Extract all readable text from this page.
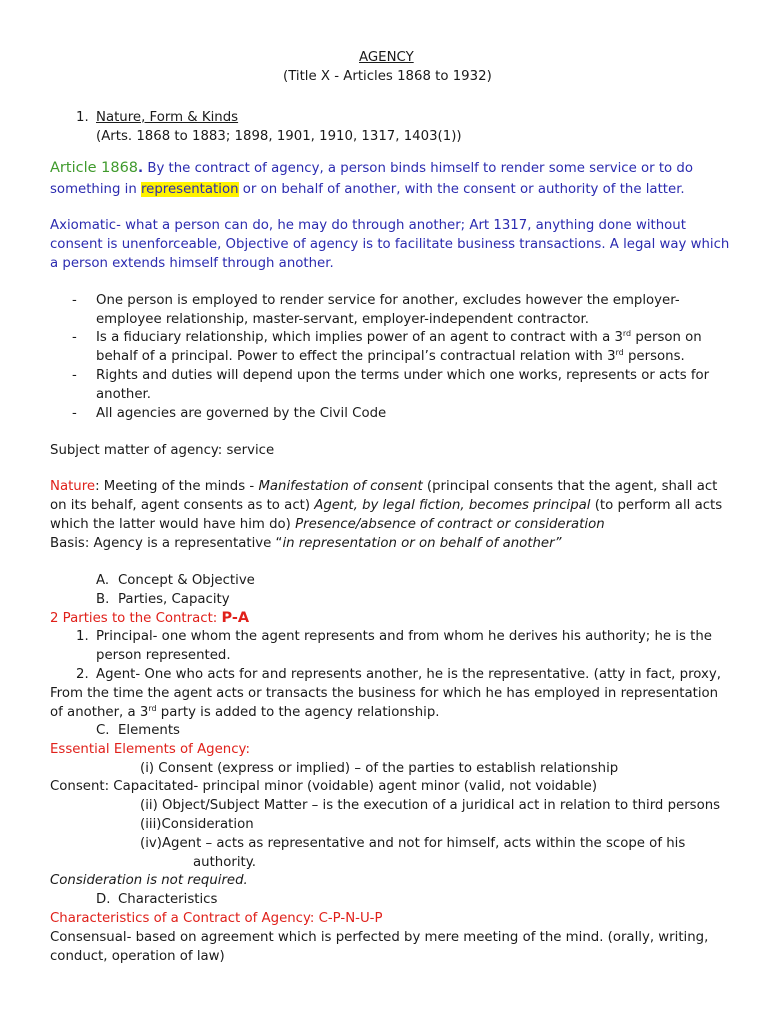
AGENCY
(Title X - Articles 1868 to 1932)
1. Nature, Form & Kinds
(Arts. 1868 to 1883; 1898, 1901, 1910, 1317, 1403(1))
Article 1868. By the contract of agency, a person binds himself to render some service or to do
something in representation or on behalf of another, with the consent or authority of the latter.
Axiomatic- what a person can do, he may do through another; Art 1317, anything done without
consent is unenforceable, Objective of agency is to facilitate business transactions. A legal way which
a person extends himself through another.
- One person is employed to render service for another, excludes however the employer-
employee relationship, master-servant, employer-independent contractor.
- Is a fiduciary relationship, which implies power of an agent to contract with a 3rd person on
behalf of a principal. Power to effect the principal’s contractual relation with 3rd persons.
- Rights and duties will depend upon the terms under which one works, represents or acts for
another.
- All agencies are governed by the Civil Code
Subject matter of agency: service
Nature: Meeting of the minds - Manifestation of consent (principal consents that the agent, shall act
on its behalf, agent consents as to act) Agent, by legal fiction, becomes principal (to perform all acts
which the latter would have him do) Presence/absence of contract or consideration
Basis: Agency is a representative “in representation or on behalf of another”
A. Concept & Objective
B. Parties, Capacity
2 Parties to the Contract: P-A
1. Principal- one whom the agent represents and from whom he derives his authority; he is the
person represented.
2. Agent- One who acts for and represents another, he is the representative. (atty in fact, proxy,
From the time the agent acts or transacts the business for which he has employed in representation
of another, a 3rd party is added to the agency relationship.
C. Elements
Essential Elements of Agency:
(i) Consent (express or implied) – of the parties to establish relationship
Consent: Capacitated- principal minor (voidable) agent minor (valid, not voidable)
(ii) Object/Subject Matter – is the execution of a juridical act in relation to third persons
(iii)Consideration
(iv)Agent – acts as representative and not for himself, acts within the scope of his
authority.
Consideration is not required.
D. Characteristics
Characteristics of a Contract of Agency: C-P-N-U-P
Consensual- based on agreement which is perfected by mere meeting of the mind. (orally, writing,
conduct, operation of law)
